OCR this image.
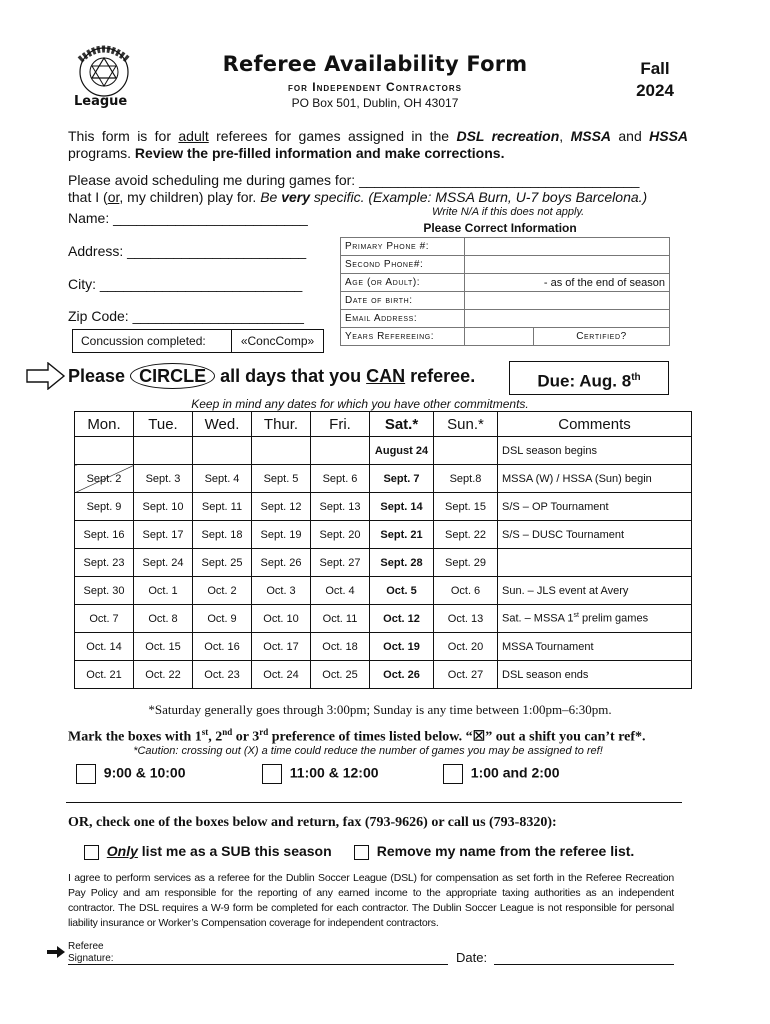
League
Referee Availability Form
for Independent Contractors
PO Box 501, Dublin, OH 43017
Fall
2024
This form is for adult referees for games assigned in the DSL recreation, MSSA and HSSA programs. Review the pre-filled information and make corrections.
Please avoid scheduling me during games for: ____________________________________
that I (or, my children) play for. Be very specific. (Example: MSSA Burn, U-7 boys Barcelona.)
Write N/A if this does not apply.
Name: _________________________
Address: _______________________
City: __________________________
Zip Code: ______________________
Concussion completed:	«ConcComp»
Please Correct Information
Primary Phone #:		
Second Phone#:		
Age (or Adult):	- as of the end of season	
Date of birth:		
Email Address:		
Years Refereeing:		Certified?
Please CIRCLE all days that you CAN referee.	Due: Aug. 8th
Keep in mind any dates for which you have other commitments.
Mon.	Tue.	Wed.	Thur.	Fri.	Sat.*	Sun.*	Comments
					August 24		DSL season begins
Sept. 2	Sept. 3	Sept. 4	Sept. 5	Sept. 6	Sept. 7	Sept.8	MSSA (W) / HSSA (Sun) begin
Sept. 9	Sept. 10	Sept. 11	Sept. 12	Sept. 13	Sept. 14	Sept. 15	S/S – OP Tournament
Sept. 16	Sept. 17	Sept. 18	Sept. 19	Sept. 20	Sept. 21	Sept. 22	S/S – DUSC Tournament
Sept. 23	Sept. 24	Sept. 25	Sept. 26	Sept. 27	Sept. 28	Sept. 29	
Sept. 30	Oct. 1	Oct. 2	Oct. 3	Oct. 4	Oct. 5	Oct. 6	Sun. – JLS event at Avery
Oct. 7	Oct. 8	Oct. 9	Oct. 10	Oct. 11	Oct. 12	Oct. 13	Sat. – MSSA 1st prelim games
Oct. 14	Oct. 15	Oct. 16	Oct. 17	Oct. 18	Oct. 19	Oct. 20	MSSA Tournament
Oct. 21	Oct. 22	Oct. 23	Oct. 24	Oct. 25	Oct. 26	Oct. 27	DSL season ends
*Saturday generally goes through 3:00pm; Sunday is any time between 1:00pm–6:30pm.
Mark the boxes with 1st, 2nd or 3rd preference of times listed below. “☒” out a shift you can’t ref*.
*Caution: crossing out (X) a time could reduce the number of games you may be assigned to ref!
9:00 & 10:00	11:00 & 12:00	1:00 and 2:00
OR, check one of the boxes below and return, fax (793-9626) or call us (793-8320):
Only list me as a SUB this season	Remove my name from the referee list.
I agree to perform services as a referee for the Dublin Soccer League (DSL) for compensation as set forth in the Referee Recreation Pay Policy and am responsible for the reporting of any earned income to the appropriate taxing authorities as an independent contractor. The DSL requires a W-9 form be completed for each contractor. The Dublin Soccer League is not responsible for personal liability insurance or Worker’s Compensation coverage for independent contractors.
Referee
Signature:	Date:
